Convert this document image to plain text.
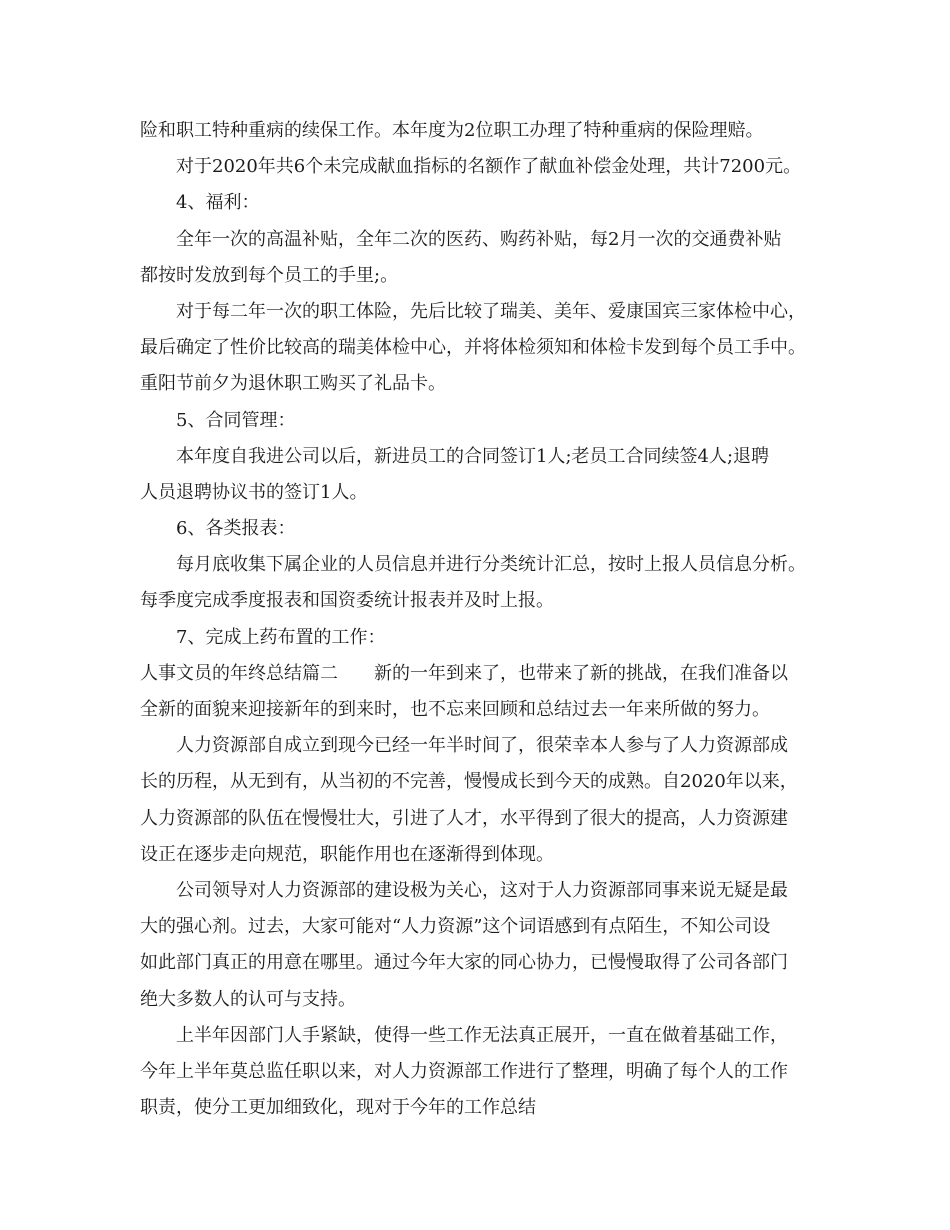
险和职工特种重病的续保工作。本年度为2位职工办理了特种重病的保险理赔。
对于2020年共6个未完成献血指标的名额作了献血补偿金处理，共计7200元。
4、福利：
全年一次的高温补贴，全年二次的医药、购药补贴，每2月一次的交通费补贴
都按时发放到每个员工的手里;。
对于每二年一次的职工体险，先后比较了瑞美、美年、爱康国宾三家体检中心，
最后确定了性价比较高的瑞美体检中心，并将体检须知和体检卡发到每个员工手中。
重阳节前夕为退休职工购买了礼品卡。
5、合同管理：
本年度自我进公司以后，新进员工的合同签订1人;老员工合同续签4人;退聘
人员退聘协议书的签订1人。
6、各类报表：
每月底收集下属企业的人员信息并进行分类统计汇总，按时上报人员信息分析。
每季度完成季度报表和国资委统计报表并及时上报。
7、完成上药布置的工作：
人事文员的年终总结篇二　　新的一年到来了，也带来了新的挑战，在我们准备以
全新的面貌来迎接新年的到来时，也不忘来回顾和总结过去一年来所做的努力。
人力资源部自成立到现今已经一年半时间了，很荣幸本人参与了人力资源部成
长的历程，从无到有，从当初的不完善，慢慢成长到今天的成熟。自2020年以来，
人力资源部的队伍在慢慢壮大，引进了人才，水平得到了很大的提高，人力资源建
设正在逐步走向规范，职能作用也在逐渐得到体现。
公司领导对人力资源部的建设极为关心，这对于人力资源部同事来说无疑是最
大的强心剂。过去，大家可能对“人力资源”这个词语感到有点陌生，不知公司设
如此部门真正的用意在哪里。通过今年大家的同心协力，已慢慢取得了公司各部门
绝大多数人的认可与支持。
上半年因部门人手紧缺，使得一些工作无法真正展开，一直在做着基础工作，
今年上半年莫总监任职以来，对人力资源部工作进行了整理，明确了每个人的工作
职责，使分工更加细致化，现对于今年的工作总结
